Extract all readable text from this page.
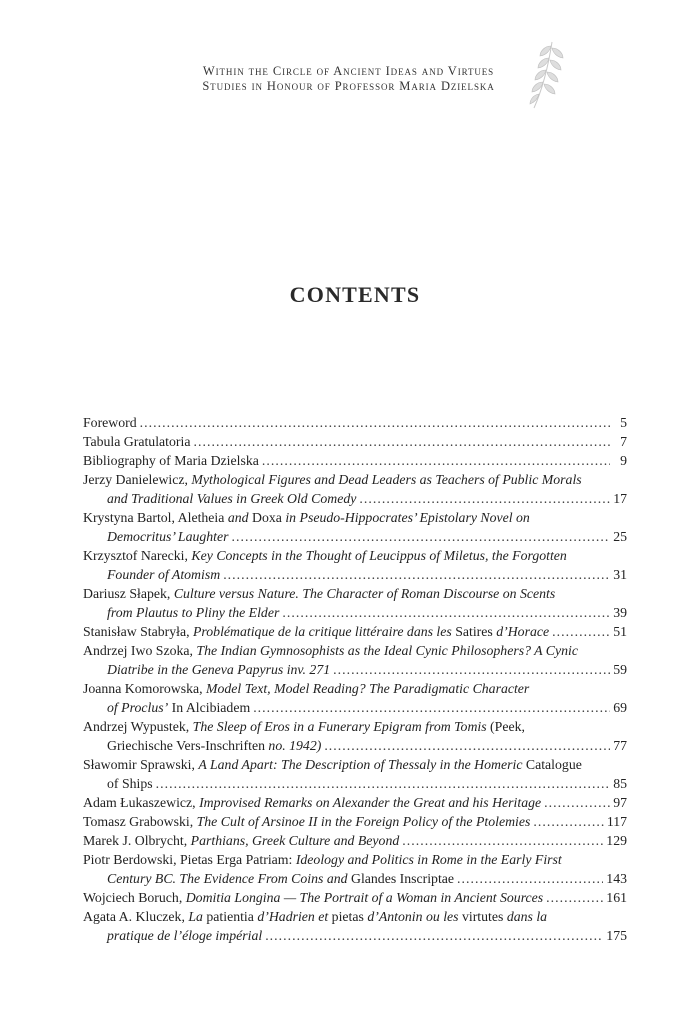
Within the Circle of Ancient Ideas and Virtues
Studies in Honour of Professor Maria Dzielska
CONTENTS
Foreword . . .	5
Tabula Gratulatoria . . .	7
Bibliography of Maria Dzielska . . .	9
Jerzy Danielewicz, Mythological Figures and Dead Leaders as Teachers of Public Morals
and Traditional Values in Greek Old Comedy . . .	17
Krystyna Bartol, Aletheia and Doxa in Pseudo-Hippocrates’ Epistolary Novel on
Democritus’ Laughter . . .	25
Krzysztof Narecki, Key Concepts in the Thought of Leucippus of Miletus, the Forgotten
Founder of Atomism . . .	31
Dariusz Słapek, Culture versus Nature. The Character of Roman Discourse on Scents
from Plautus to Pliny the Elder . . .	39
Stanisław Stabryła, Problématique de la critique littéraire dans les Satires d’Horace . . .	51
Andrzej Iwo Szoka, The Indian Gymnosophists as the Ideal Cynic Philosophers? A Cynic
Diatribe in the Geneva Papyrus inv. 271 . . .	59
Joanna Komorowska, Model Text, Model Reading? The Paradigmatic Character
of Proclus’ In Alcibiadem . . .	69
Andrzej Wypustek, The Sleep of Eros in a Funerary Epigram from Tomis (Peek,
Griechische Vers-Inschriften no. 1942) . . .	77
Sławomir Sprawski, A Land Apart: The Description of Thessaly in the Homeric Catalogue
of Ships . . .	85
Adam Łukaszewicz, Improvised Remarks on Alexander the Great and his Heritage . . .	97
Tomasz Grabowski, The Cult of Arsinoe II in the Foreign Policy of the Ptolemies . . .	117
Marek J. Olbrycht, Parthians, Greek Culture and Beyond . . .	129
Piotr Berdowski, Pietas Erga Patriam: Ideology and Politics in Rome in the Early First
Century BC. The Evidence From Coins and Glandes Inscriptae . . .	143
Wojciech Boruch, Domitia Longina — The Portrait of a Woman in Ancient Sources . . .	161
Agata A. Kluczek, La patientia d’Hadrien et pietas d’Antonin ou les virtutes dans la
pratique de l’éloge impérial . . .	175
